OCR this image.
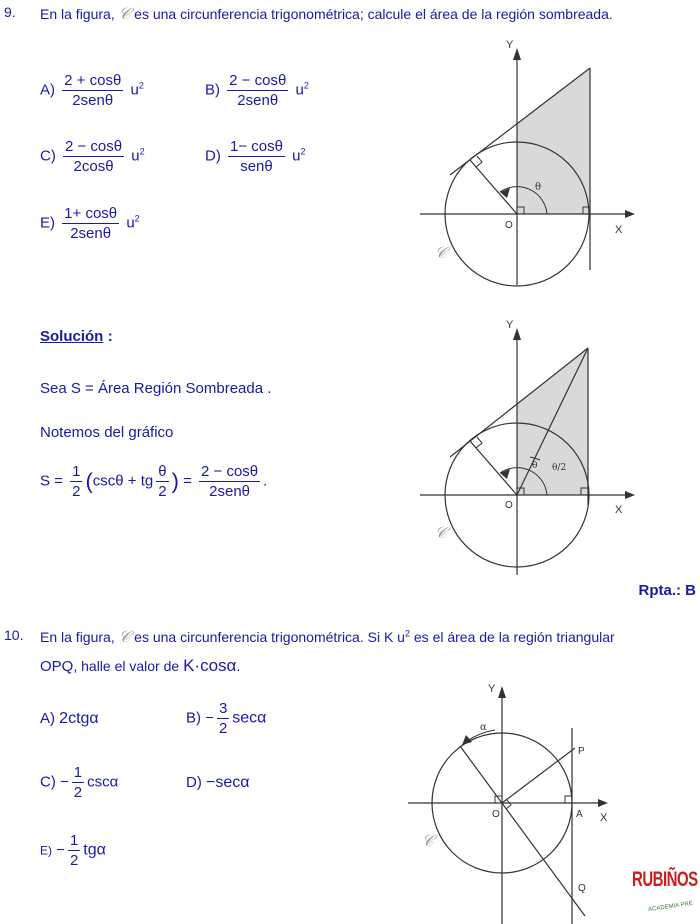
9. En la figura, 𝒞 es una circunferencia trigonométrica; calcule el área de la región sombreada.
$A) \frac{2 + \cos\theta}{\text{2senθ}} u^2$	$B) \frac{2 - \cos\theta}{\text{2senθ}} u^2$
$C) \frac{2 - \cos\theta}{2\cos\theta} u^2$	$D) \frac{1- \cos\theta}{\text{senθ}} u^2$
$E) \frac{1+ \cos\theta}{\text{2senθ}} u^2$
Y
X
O
θ
𝒞
Solución :
Sea S = Área Región Sombreada .
Notemos del gráfico
$S = \frac{1}{2} (\csc\theta$ + tg $\frac{\theta}{2}$ ) = $\frac{2 - \cos\theta}{\text{2senθ}}$ .
Y
X
O
θ θ/2
𝒞
Rpta.: B
10. En la figura, 𝒞 es una circunferencia trigonométrica. Si K $u^2$ es el área de la región triangular
OPQ, halle el valor de K·cosα.
A) 2ctgα	$B) - \frac{3}{2}$ secα
$C) - \frac{1}{2}$ cscα	D) −secα
$E) - \frac{1}{2}$ tgα
Y
X
O	A
P
Q
α
𝒞
RUBIÑOS
ACADEMIA PRE
